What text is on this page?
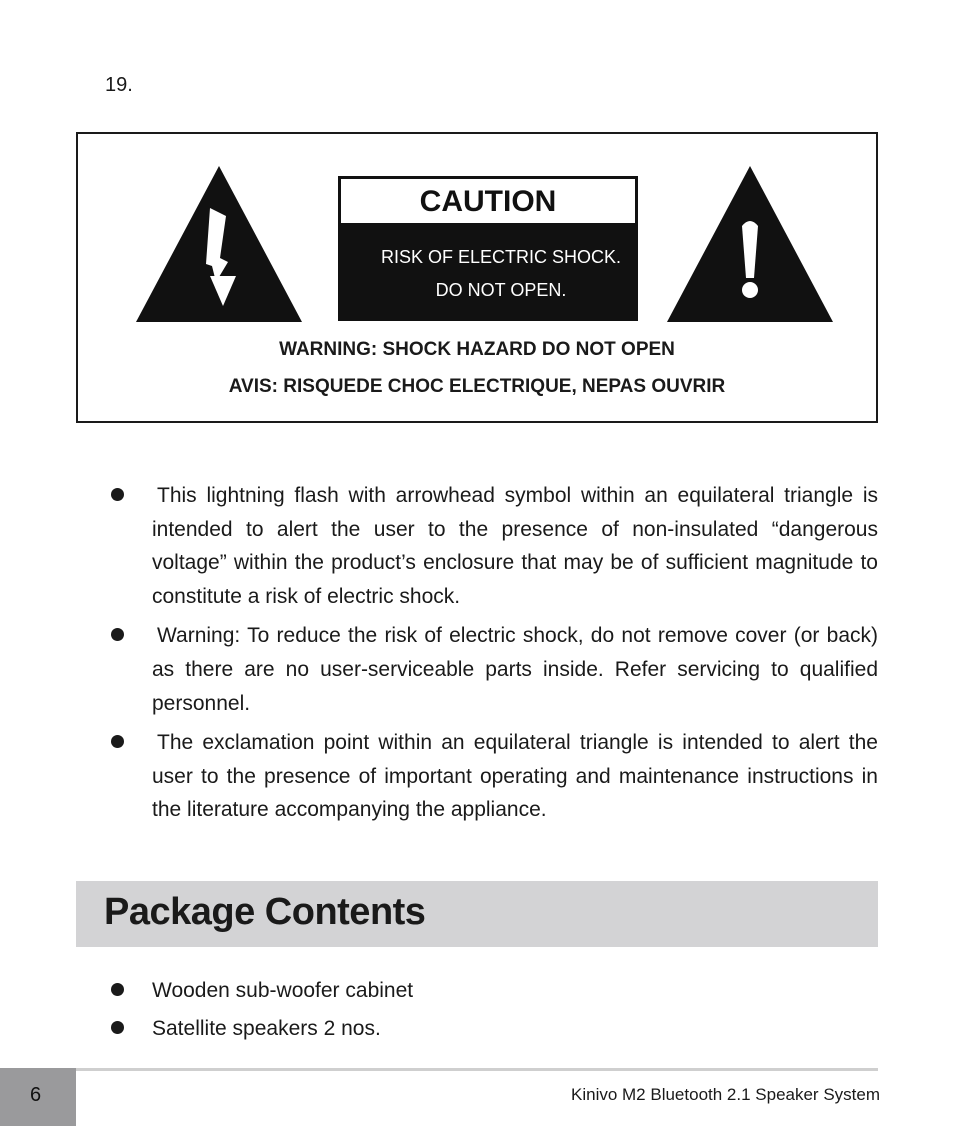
19.
CAUTION
RISK OF ELECTRIC SHOCK.
DO NOT OPEN.
WARNING: SHOCK HAZARD DO NOT OPEN
AVIS: RISQUEDE CHOC ELECTRIQUE, NEPAS OUVRIR
This lightning flash with arrowhead symbol within an equilateral triangle is intended to alert the user to the presence of non-insulated “dangerous voltage” within the product’s enclosure that may be of sufficient magnitude to constitute a risk of electric shock.
Warning: To reduce the risk of electric shock, do not remove cover (or back) as there are no user-serviceable parts inside. Refer servicing to qualified personnel.
The exclamation point within an equilateral triangle is intended to alert the user to the presence of important operating and maintenance instructions in the literature accompanying the appliance.
Package Contents
Wooden sub-woofer cabinet
Satellite speakers 2 nos.
6	Kinivo M2 Bluetooth 2.1 Speaker System
